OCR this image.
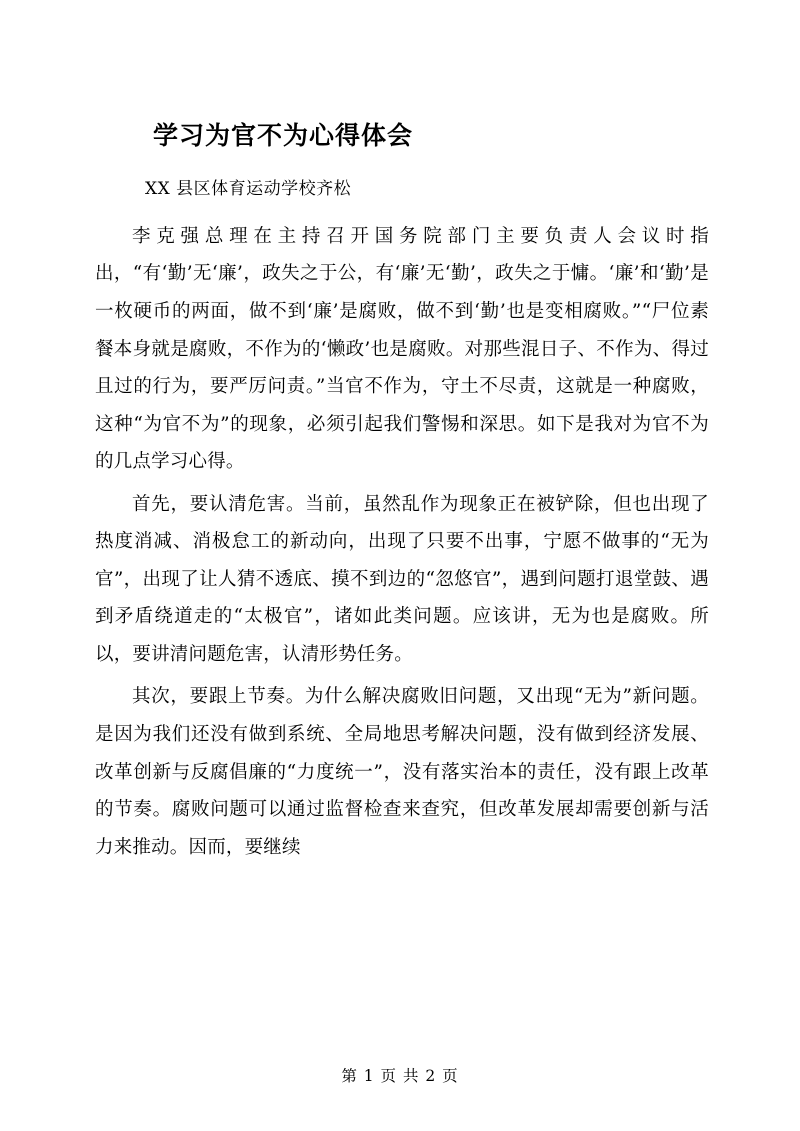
学习为官不为心得体会
XX 县区体育运动学校齐松

李克强总理在主持召开国务院部门主要负责人会议时指出，“有‘勤’无‘廉’，政失之于公，有‘廉’无‘勤’，政失之于慵。‘廉’和‘勤’是一枚硬币的两面，做不到‘廉’是腐败，做不到‘勤’也是变相腐败。”“尸位素餐本身就是腐败，不作为的‘懒政’也是腐败。对那些混日子、不作为、得过且过的行为，要严厉问责。”当官不作为，守土不尽责，这就是一种腐败，这种“为官不为”的现象，必须引起我们警惕和深思。如下是我对为官不为的几点学习心得。

首先，要认清危害。当前，虽然乱作为现象正在被铲除，但也出现了热度消减、消极怠工的新动向，出现了只要不出事，宁愿不做事的“无为官”，出现了让人猜不透底、摸不到边的“忽悠官”，遇到问题打退堂鼓、遇到矛盾绕道走的“太极官”，诸如此类问题。应该讲，无为也是腐败。所以，要讲清问题危害，认清形势任务。

其次，要跟上节奏。为什么解决腐败旧问题，又出现“无为”新问题。是因为我们还没有做到系统、全局地思考解决问题，没有做到经济发展、改革创新与反腐倡廉的“力度统一”，没有落实治本的责任，没有跟上改革的节奏。腐败问题可以通过监督检查来查究，但改革发展却需要创新与活力来推动。因而，要继续

第 1 页 共 2 页
